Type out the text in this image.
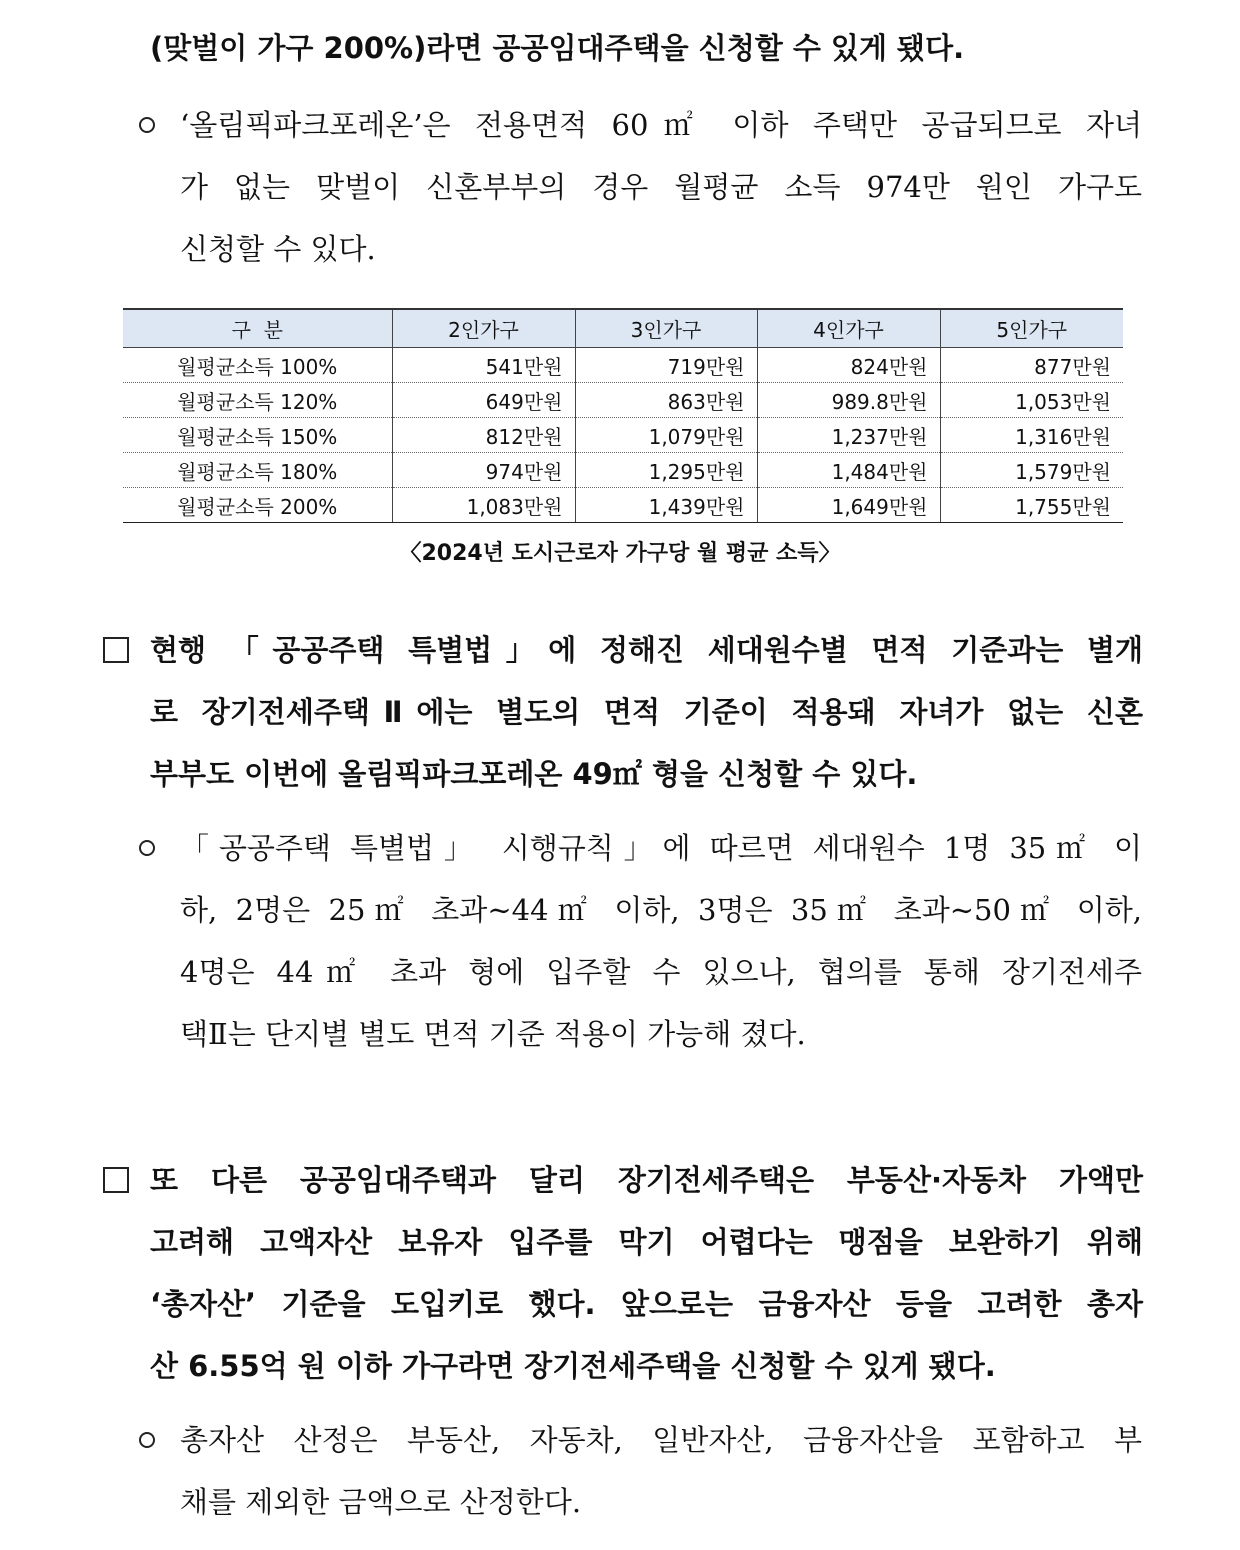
(맞벌이 가구 200%)라면 공공임대주택을 신청할 수 있게 됐다.
‘올림픽파크포레온’은 전용면적 60㎡ 이하 주택만 공급되므로 자녀
가 없는 맞벌이 신혼부부의 경우 월평균 소득 974만 원인 가구도
신청할 수 있다.
구  분	2인가구	3인가구	4인가구	5인가구
월평균소득 100%	541만원	719만원	824만원	877만원
월평균소득 120%	649만원	863만원	989.8만원	1,053만원
월평균소득 150%	812만원	1,079만원	1,237만원	1,316만원
월평균소득 180%	974만원	1,295만원	1,484만원	1,579만원
월평균소득 200%	1,083만원	1,439만원	1,649만원	1,755만원
〈2024년 도시근로자 가구당 월 평균 소득〉
현행 「공공주택 특별법」에 정해진 세대원수별 면적 기준과는 별개
로 장기전세주택Ⅱ에는 별도의 면적 기준이 적용돼 자녀가 없는 신혼
부부도 이번에 올림픽파크포레온 49㎡ 형을 신청할 수 있다.
「공공주택 특별법」 시행규칙」에 따르면 세대원수 1명 35㎡ 이
하, 2명은 25㎡ 초과∼44㎡ 이하, 3명은 35㎡ 초과∼50㎡ 이하,
4명은 44㎡ 초과 형에 입주할 수 있으나, 협의를 통해 장기전세주
택Ⅱ는 단지별 별도 면적 기준 적용이 가능해 졌다.
또 다른 공공임대주택과 달리 장기전세주택은 부동산·자동차 가액만
고려해 고액자산 보유자 입주를 막기 어렵다는 맹점을 보완하기 위해
‘총자산’ 기준을 도입키로 했다. 앞으로는 금융자산 등을 고려한 총자
산 6.55억 원 이하 가구라면 장기전세주택을 신청할 수 있게 됐다.
총자산 산정은 부동산, 자동차, 일반자산, 금융자산을 포함하고 부
채를 제외한 금액으로 산정한다.
